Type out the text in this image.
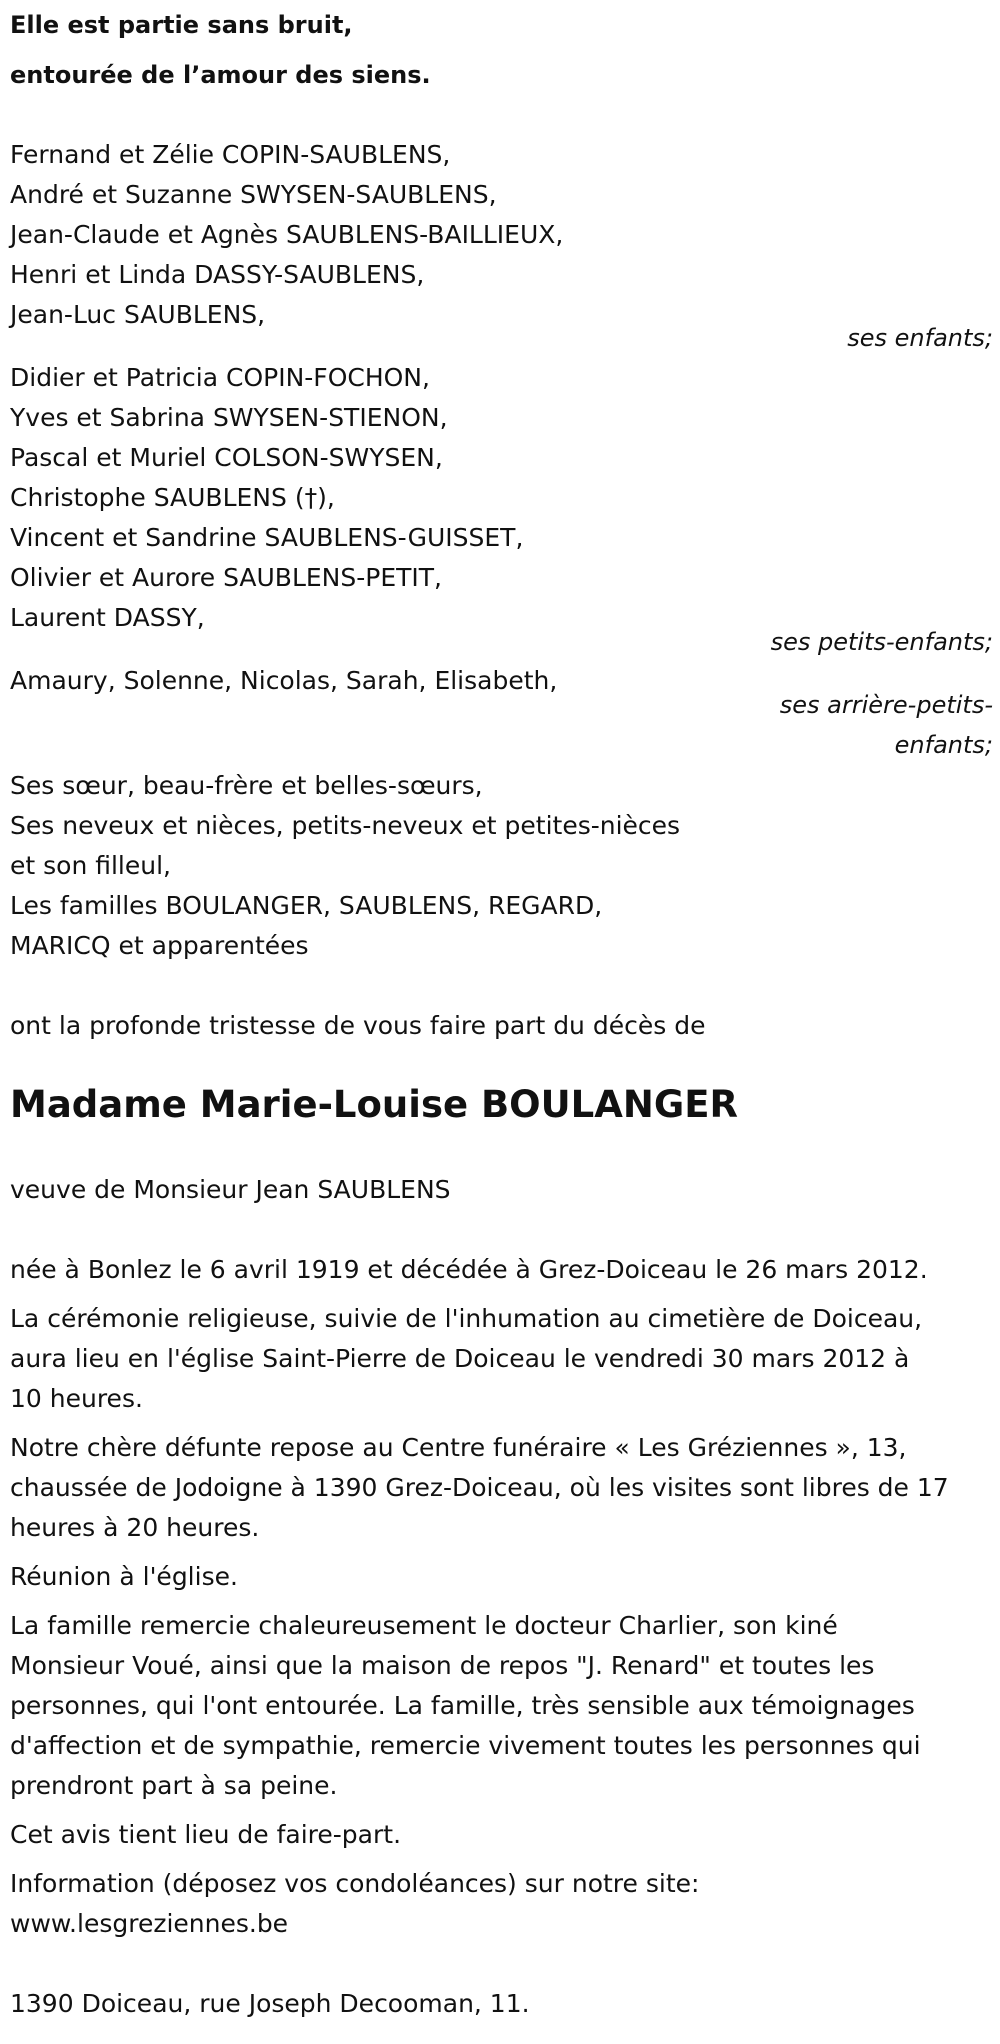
Elle est partie sans bruit,

entourée de l’amour des siens.

Fernand et Zélie COPIN-SAUBLENS,

André et Suzanne SWYSEN-SAUBLENS,

Jean-Claude et Agnès SAUBLENS-BAILLIEUX,

Henri et Linda DASSY-SAUBLENS,

Jean-Luc SAUBLENS,

ses enfants;

Didier et Patricia COPIN-FOCHON,

Yves et Sabrina SWYSEN-STIENON,

Pascal et Muriel COLSON-SWYSEN,

Christophe SAUBLENS (†),

Vincent et Sandrine SAUBLENS-GUISSET,

Olivier et Aurore SAUBLENS-PETIT,

Laurent DASSY,

ses petits-enfants;

Amaury, Solenne, Nicolas, Sarah, Elisabeth,

ses arrière-petits-

enfants;

Ses sœur, beau-frère et belles-sœurs,

Ses neveux et nièces, petits-neveux et petites-nièces

et son filleul,

Les familles BOULANGER, SAUBLENS, REGARD,

MARICQ et apparentées

ont la profonde tristesse de vous faire part du décès de

Madame Marie-Louise BOULANGER

veuve de Monsieur Jean SAUBLENS

née à Bonlez le 6 avril 1919 et décédée à Grez-Doiceau le 26 mars 2012.

La cérémonie religieuse, suivie de l'inhumation au cimetière de Doiceau,

aura lieu en l'église Saint-Pierre de Doiceau le vendredi 30 mars 2012 à

10 heures.

Notre chère défunte repose au Centre funéraire « Les Gréziennes », 13,

chaussée de Jodoigne à 1390 Grez-Doiceau, où les visites sont libres de 17

heures à 20 heures.

Réunion à l'église.

La famille remercie chaleureusement le docteur Charlier, son kiné

Monsieur Voué, ainsi que la maison de repos "J. Renard" et toutes les

personnes, qui l'ont entourée. La famille, très sensible aux témoignages

d'affection et de sympathie, remercie vivement toutes les personnes qui

prendront part à sa peine.

Cet avis tient lieu de faire-part.

Information (déposez vos condoléances) sur notre site:

www.lesgreziennes.be

1390 Doiceau, rue Joseph Decooman, 11.
